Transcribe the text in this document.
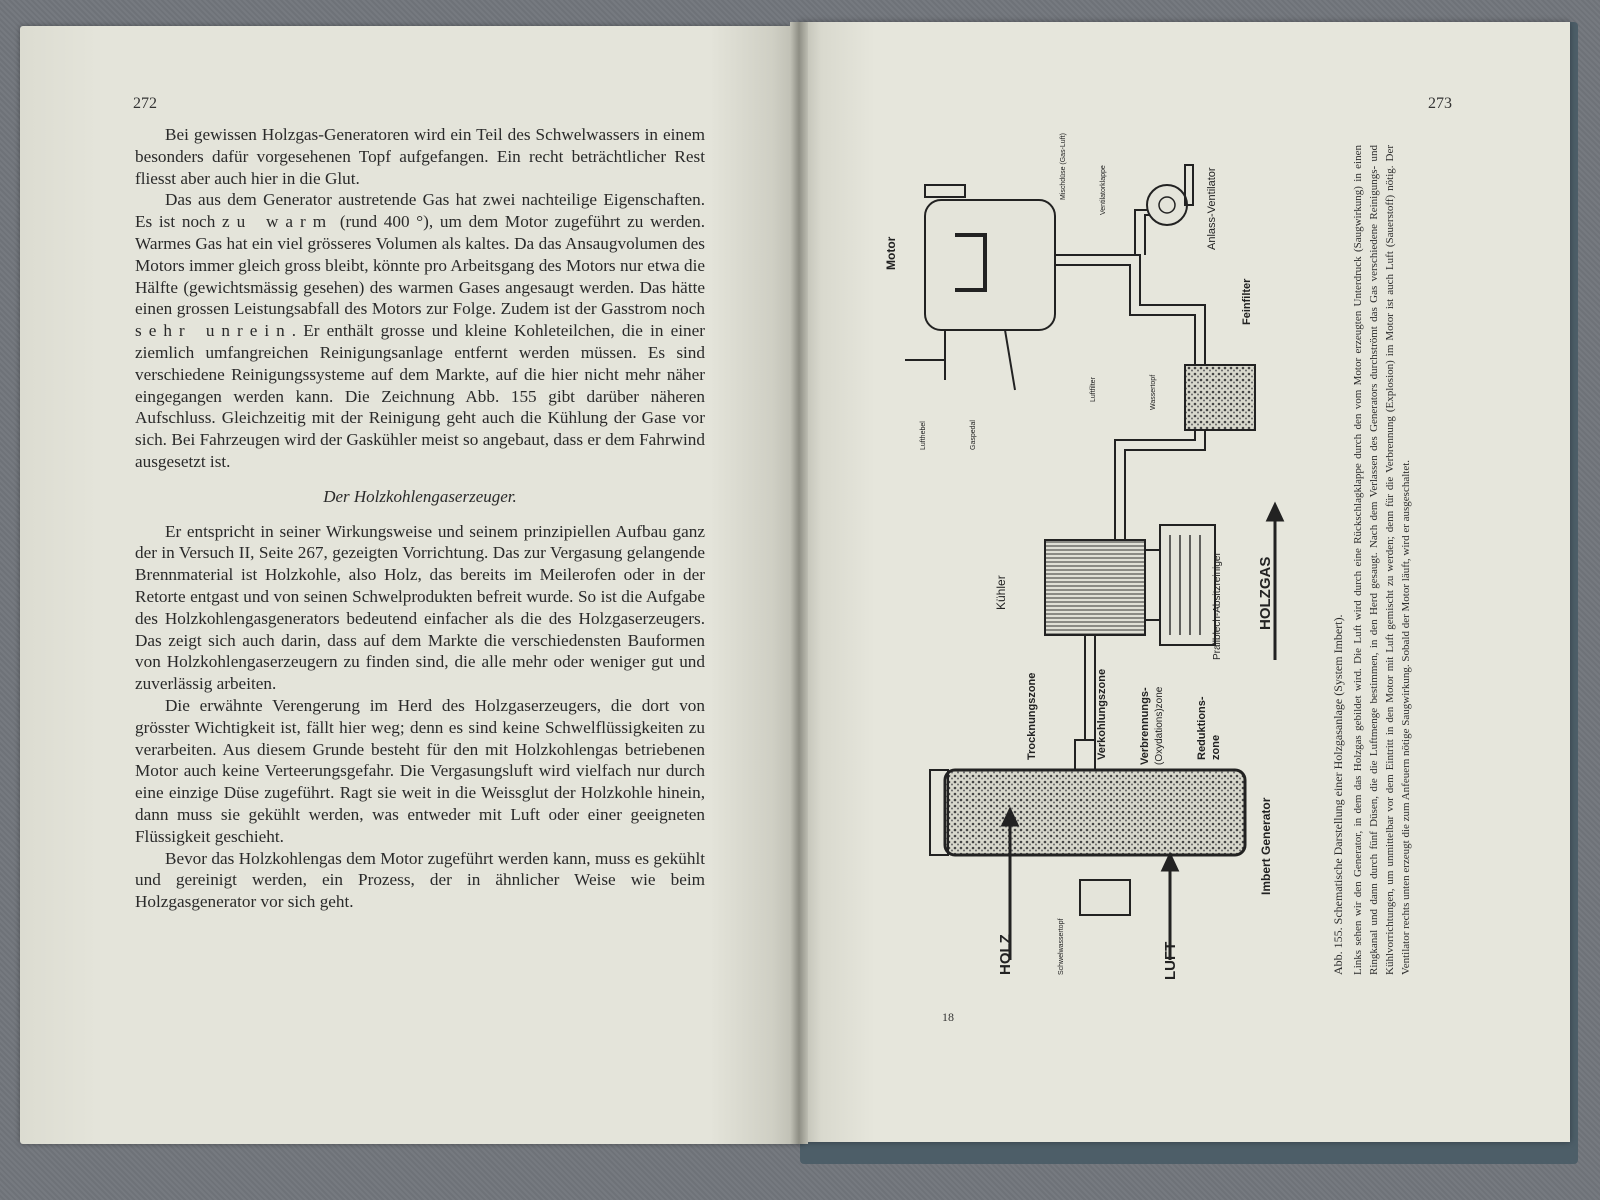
272

Bei gewissen Holzgas-Generatoren wird ein Teil des Schwelwassers in einem besonders dafür vorgesehenen Topf aufgefangen. Ein recht beträchtlicher Rest fliesst aber auch hier in die Glut.

Das aus dem Generator austretende Gas hat zwei nachteilige Eigenschaften. Es ist noch zu warm (rund 400 °), um dem Motor zugeführt zu werden. Warmes Gas hat ein viel grösseres Volumen als kaltes. Da das Ansaugvolumen des Motors immer gleich gross bleibt, könnte pro Arbeitsgang des Motors nur etwa die Hälfte (gewichtsmässig gesehen) des warmen Gases angesaugt werden. Das hätte einen grossen Leistungsabfall des Motors zur Folge. Zudem ist der Gasstrom noch sehr unrein. Er enthält grosse und kleine Kohleteilchen, die in einer ziemlich umfangreichen Reinigungsanlage entfernt werden müssen. Es sind verschiedene Reinigungssysteme auf dem Markte, auf die hier nicht mehr näher eingegangen werden kann. Die Zeichnung Abb. 155 gibt darüber näheren Aufschluss. Gleichzeitig mit der Reinigung geht auch die Kühlung der Gase vor sich. Bei Fahrzeugen wird der Gaskühler meist so angebaut, dass er dem Fahrwind ausgesetzt ist.

Der Holzkohlengaserzeuger.

Er entspricht in seiner Wirkungsweise und seinem prinzipiellen Aufbau ganz der in Versuch II, Seite 267, gezeigten Vorrichtung. Das zur Vergasung gelangende Brennmaterial ist Holzkohle, also Holz, das bereits im Meilerofen oder in der Retorte entgast und von seinen Schwelprodukten befreit wurde. So ist die Aufgabe des Holzkohlengasgenerators bedeutend einfacher als die des Holzgaserzeugers. Das zeigt sich auch darin, dass auf dem Markte die verschiedensten Bauformen von Holzkohlengaserzeugern zu finden sind, die alle mehr oder weniger gut und zuverlässig arbeiten.

Die erwähnte Verengerung im Herd des Holzgaserzeugers, die dort von grösster Wichtigkeit ist, fällt hier weg; denn es sind keine Schwelflüssigkeiten zu verarbeiten. Aus diesem Grunde besteht für den mit Holzkohlengas betriebenen Motor auch keine Verteerungsgefahr. Die Vergasungsluft wird vielfach nur durch eine einzige Düse zugeführt. Ragt sie weit in die Weissglut der Holzkohle hinein, dann muss sie gekühlt werden, was entweder mit Luft oder einer geeigneten Flüssigkeit geschieht.

Bevor das Holzkohlengas dem Motor zugeführt werden kann, muss es gekühlt und gereinigt werden, ein Prozess, der in ähnlicher Weise wie beim Holzgasgenerator vor sich geht.

273
18
Motor
Mischdüse (Gas-Luft)	Ventilatorklappe	Anlass-Ventilator
Feinfilter
Luftfilter	Wassertopf
Lufthebel	Gaspedal
Kühler	Prallblech-Absitzreiniger HOLZGAS
Trocknungszone	Verkohlungszone	Verbrennungs- (Oxydations)zone	Reduktions- zone
Imbert Generator
HOLZ	Schwelwassertopf	LUFT	Abb. 155. Schematische Darstellung einer Holzgasanlage (System Imbert). Links sehen wir den Generator, in dem das Holzgas gebildet wird. Die Luft wird durch eine Rückschlagklappe durch den vom Motor erzeugten Unterdruck (Saugwirkung) in einen Ringkanal und dann durch fünf Düsen, die die Luftmenge bestimmen, in den Herd gesaugt. Nach dem Verlassen des Generators durchströmt das Gas verschiedene Reinigungs- und Kühlvorrichtungen, um unmittelbar vor dem Eintritt in den Motor mit Luft gemischt zu werden; denn für die Verbrennung (Explosion) im Motor ist auch Luft (Sauerstoff) nötig. Der Ventilator rechts unten erzeugt die zum Anfeuern nötige Saugwirkung. Sobald der Motor läuft, wird er ausgeschaltet.
